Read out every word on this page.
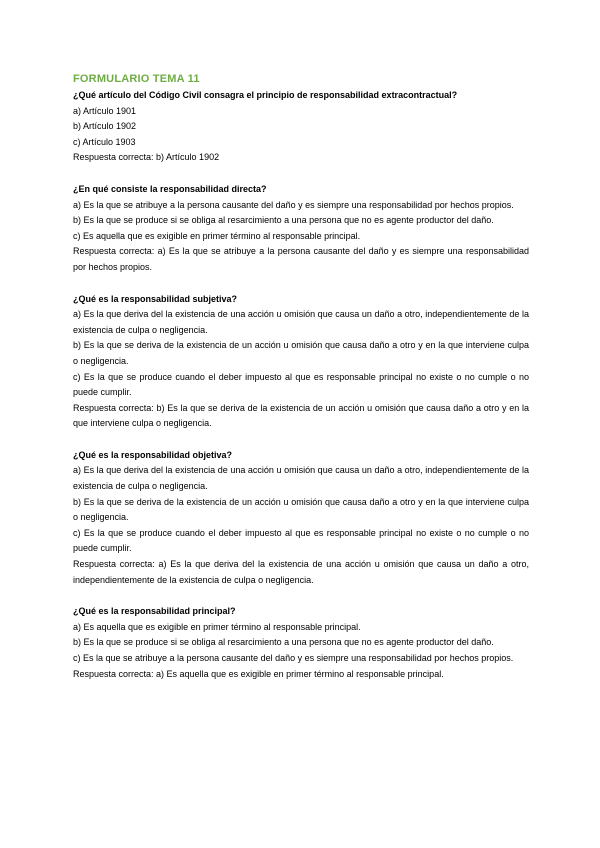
FORMULARIO TEMA 11

¿Qué artículo del Código Civil consagra el principio de responsabilidad extracontractual?

a) Artículo 1901

b) Artículo 1902

c) Artículo 1903

Respuesta correcta: b) Artículo 1902

¿En qué consiste la responsabilidad directa?

a) Es la que se atribuye a la persona causante del daño y es siempre una responsabilidad por hechos propios.

b) Es la que se produce si se obliga al resarcimiento a una persona que no es agente productor del daño.

c) Es aquella que es exigible en primer término al responsable principal.

Respuesta correcta: a) Es la que se atribuye a la persona causante del daño y es siempre una responsabilidad por hechos propios.

¿Qué es la responsabilidad subjetiva?

a) Es la que deriva del la existencia de una acción u omisión que causa un daño a otro, independientemente de la existencia de culpa o negligencia.

b) Es la que se deriva de la existencia de un acción u omisión que causa daño a otro y en la que interviene culpa o negligencia.

c) Es la que se produce cuando el deber impuesto al que es responsable principal no existe o no cumple o no puede cumplir.

Respuesta correcta: b) Es la que se deriva de la existencia de un acción u omisión que causa daño a otro y en la que interviene culpa o negligencia.

¿Qué es la responsabilidad objetiva?

a) Es la que deriva del la existencia de una acción u omisión que causa un daño a otro, independientemente de la existencia de culpa o negligencia.

b) Es la que se deriva de la existencia de un acción u omisión que causa daño a otro y en la que interviene culpa o negligencia.

c) Es la que se produce cuando el deber impuesto al que es responsable principal no existe o no cumple o no puede cumplir.

Respuesta correcta: a) Es la que deriva del la existencia de una acción u omisión que causa un daño a otro, independientemente de la existencia de culpa o negligencia.

¿Qué es la responsabilidad principal?

a) Es aquella que es exigible en primer término al responsable principal.

b) Es la que se produce si se obliga al resarcimiento a una persona que no es agente productor del daño.

c) Es la que se atribuye a la persona causante del daño y es siempre una responsabilidad por hechos propios.

Respuesta correcta: a) Es aquella que es exigible en primer término al responsable principal.
